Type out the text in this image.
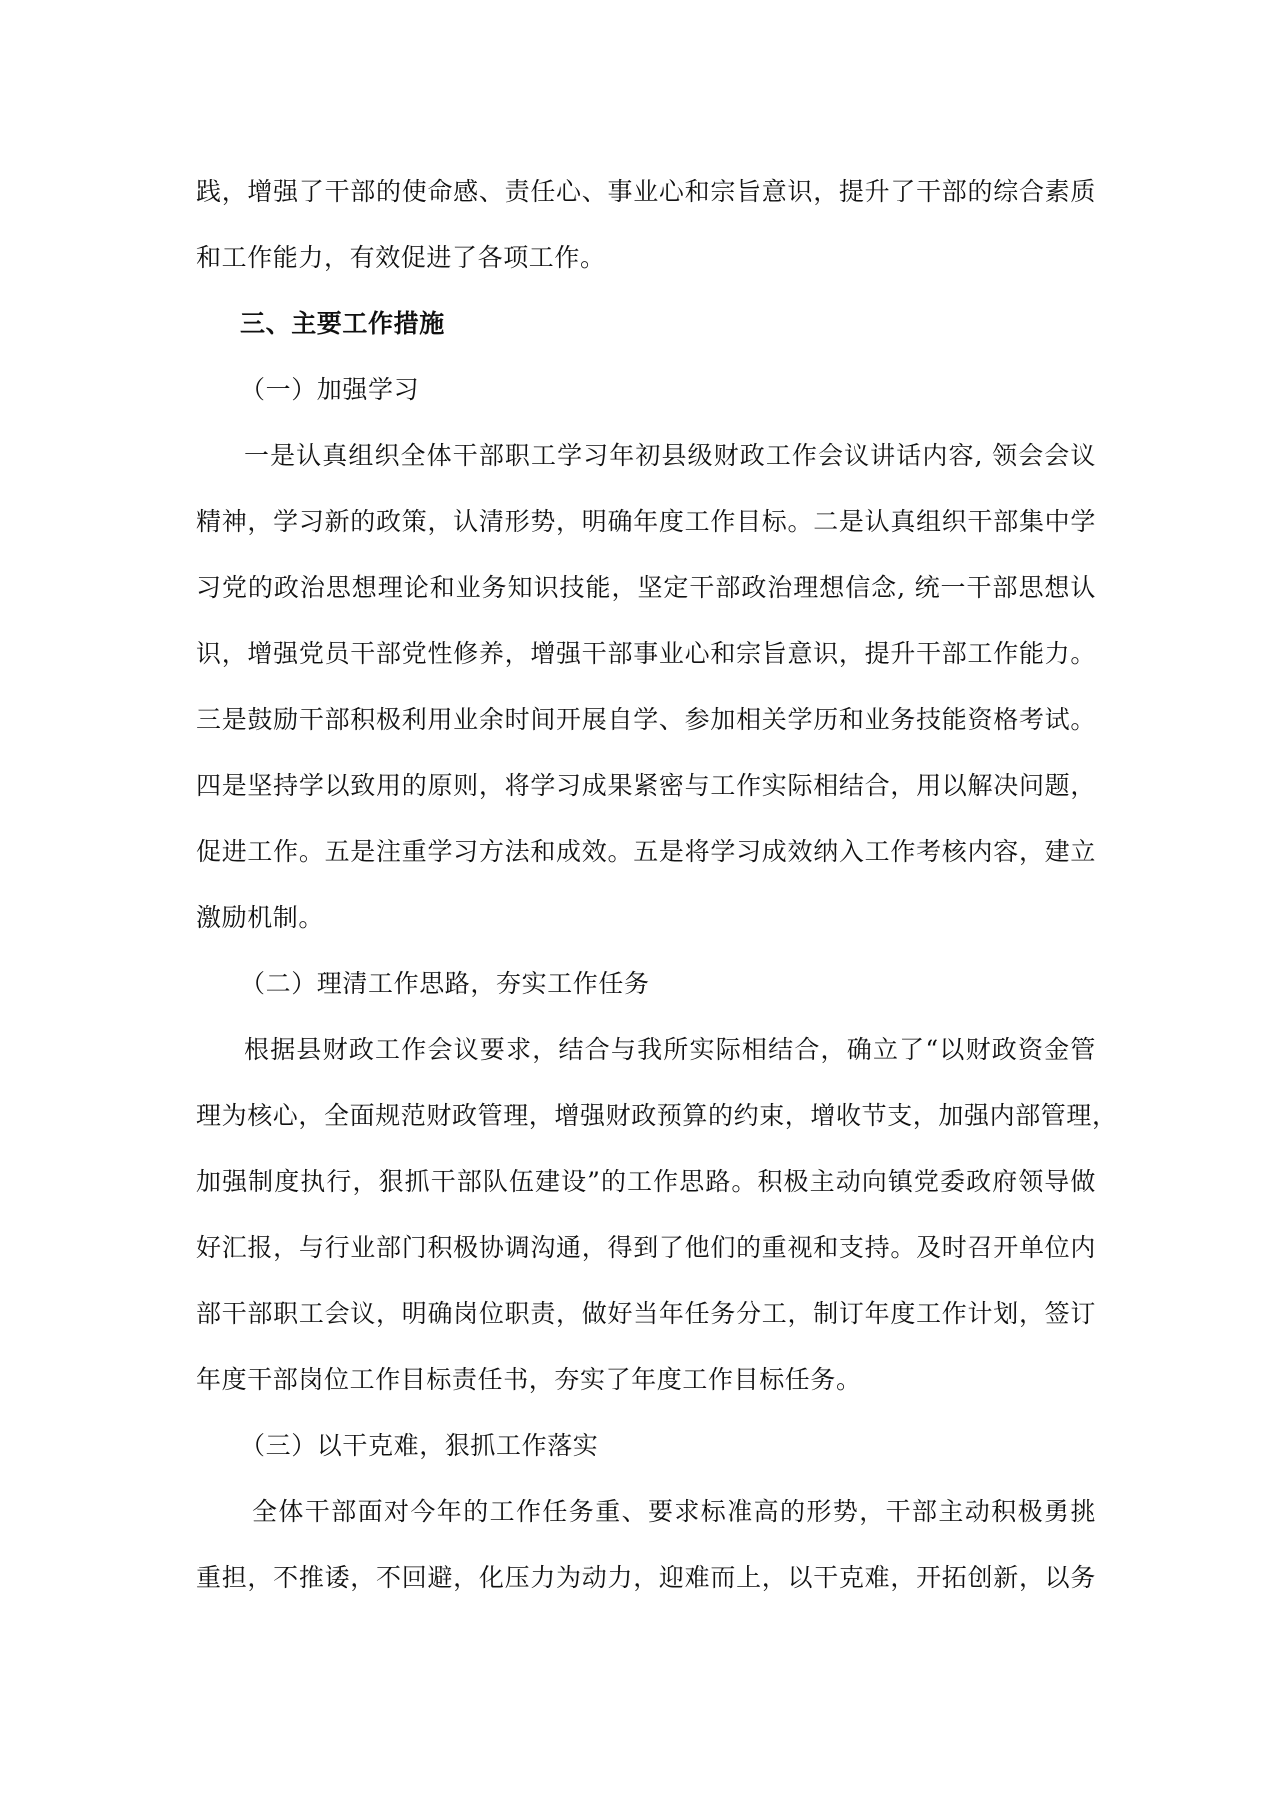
践，增强了干部的使命感、责任心、事业心和宗旨意识，提升了干部的综合素质
和工作能力，有效促进了各项工作。
三、主要工作措施
（一）加强学习
一是认真组织全体干部职工学习年初县级财政工作会议讲话内容, 领会会议
精神，学习新的政策，认清形势，明确年度工作目标。二是认真组织干部集中学
习党的政治思想理论和业务知识技能，坚定干部政治理想信念, 统一干部思想认
识，增强党员干部党性修养，增强干部事业心和宗旨意识，提升干部工作能力。
三是鼓励干部积极利用业余时间开展自学、参加相关学历和业务技能资格考试。
四是坚持学以致用的原则，将学习成果紧密与工作实际相结合，用以解决问题，
促进工作。五是注重学习方法和成效。五是将学习成效纳入工作考核内容，建立
激励机制。
（二）理清工作思路，夯实工作任务
根据县财政工作会议要求，结合与我所实际相结合，确立了“以财政资金管
理为核心，全面规范财政管理，增强财政预算的约束，增收节支，加强内部管理，
加强制度执行，狠抓干部队伍建设”的工作思路。积极主动向镇党委政府领导做
好汇报，与行业部门积极协调沟通，得到了他们的重视和支持。及时召开单位内
部干部职工会议，明确岗位职责，做好当年任务分工，制订年度工作计划，签订
年度干部岗位工作目标责任书，夯实了年度工作目标任务。
（三）以干克难，狠抓工作落实
全体干部面对今年的工作任务重、要求标准高的形势，干部主动积极勇挑
重担，不推诿，不回避，化压力为动力，迎难而上，以干克难，开拓创新，以务
